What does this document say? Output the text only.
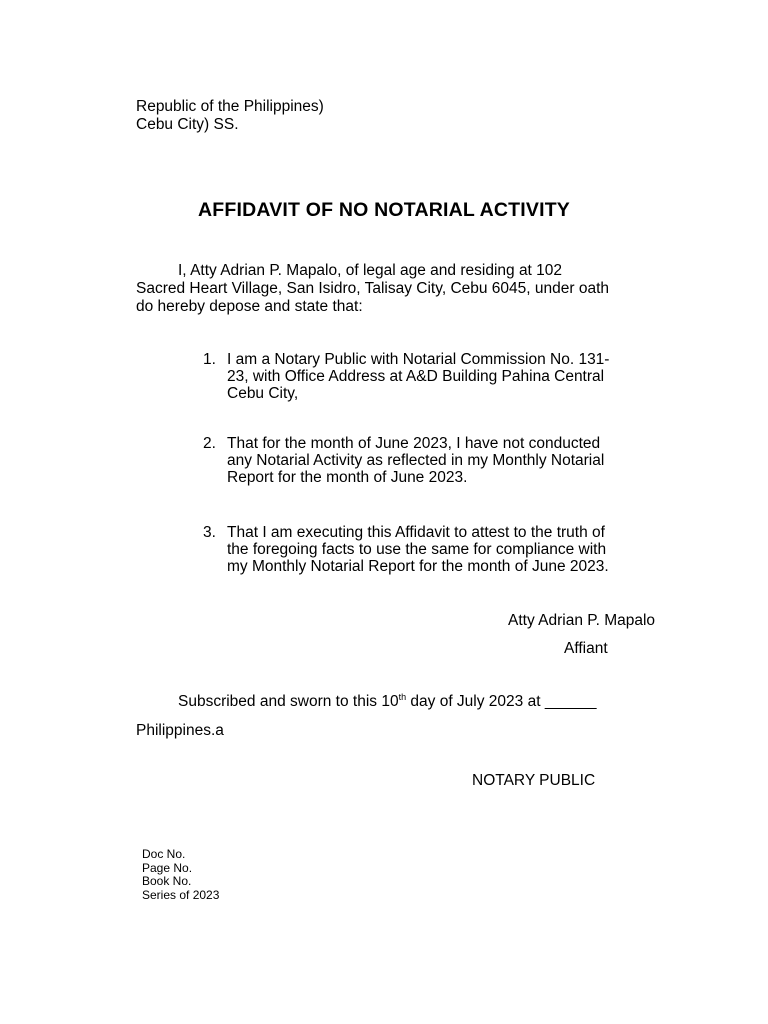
Republic of the Philippines)
Cebu City) SS.
AFFIDAVIT OF NO NOTARIAL ACTIVITY
I, Atty Adrian P. Mapalo, of legal age and residing at 102
Sacred Heart Village, San Isidro, Talisay City, Cebu 6045, under oath
do hereby depose and state that:
1. I am a Notary Public with Notarial Commission No. 131-
23, with Office Address at A&D Building Pahina Central
Cebu City,
2. That for the month of June 2023, I have not conducted
any Notarial Activity as reflected in my Monthly Notarial
Report for the month of June 2023.
3. That I am executing this Affidavit to attest to the truth of
the foregoing facts to use the same for compliance with
my Monthly Notarial Report for the month of June 2023.
Atty Adrian P. Mapalo
Affiant
Subscribed and sworn to this 10th day of July 2023 at ______
Philippines.a
NOTARY PUBLIC
Doc No.
Page No.
Book No.
Series of 2023
